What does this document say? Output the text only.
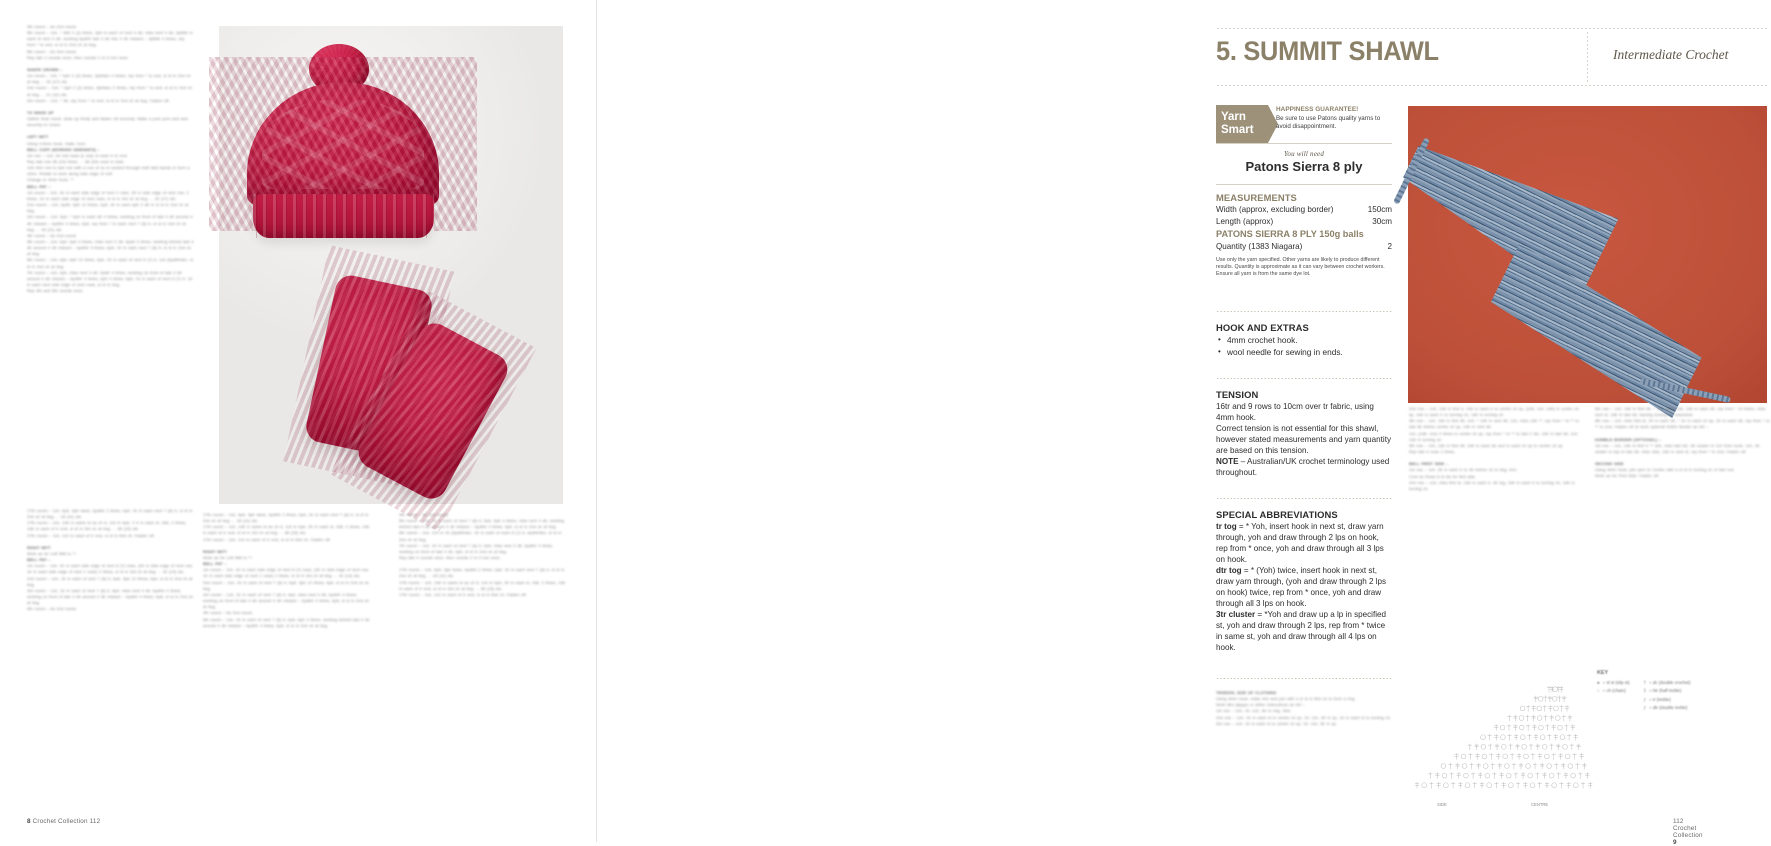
4th round – As 2nd round.
5th round – 1ch, * 3dtr 2 (2) times, 3ptr in each of next 4 dtr, miss next 4 dtr, 3ptfdtr in each of next 4 dtr, working bpdtrtr last 4 dtr into 4 dtr missed – 3ptfdtr 4 times, rep from * to end, sl st in 2nd ch at beg.
6th round – As 2nd round.
Rep last 4 rounds once, then rounds 2 to 5 incl once.
SHAPE CROWN –
1st round – 1ch, * bptr 2 (2) times, 3ptrtdec 4 times, rep from * to end, sl st in 2nd ch at beg … 32 (17) sts.
2nd round – 1ch, * bptr 2 (2) times, 3ptrtdec 2 times, rep from * to end, sl st in 2nd ch at beg … 21 (11) sts.
3rd round – 1ch, * dtr, rep from * to end, sl st in 2nd ch at beg. Fasten off.
TO MAKE UP
Gather final round, draw up firmly and fasten off securely. Make a pom pom and sew securely to crown.
LEFT MITT
Using 4.5mm hook, make 11ch.
BELL CUFF (WORKED SIDEWAYS) –
1st row – 1ch, htr into back lp only of each tr to end.
Rep last row 36 (14) times … 38 (20) rows in total.
Join first row to last row with a row of ss st worked through both Bell bands in form a cirlce. Rotate to work along side edge of cuff.
Change to 4mm hook. **
BELL PAT –
1st round – 1ch, 2tr in each side edge of next 2 rows, 2tr in side edge of next row, 2 times, 1tr in each side edge of next rows, sl st in 3rd ch at beg … 32 (17) sts.
2nd round – 1ch, bpdtr, bptr 12 times, bptr, 1tr in each sptr 3 dtr in sl st in 2nd ch at beg.
3rd round – 1ch, bptr, * bptr in each dtr 4 times, working on front of last 4 dtr around 4 dtr missed – bpdtrtr 4 times, bptr, rep from * to each next 7 (6) tr, sl st in 2nd ch at beg … 16 (11) sts.
4th round – As 2nd round.
5th round – 1ch, bptr, bptr 4 times, miss next 4 dtr, bpdtr 4 times, working behind last 4 dtr around 4 dtr missed – bpdtrtr 4 times, bptr, 1tr in each next 7 (6) tr, sl st in 2nd ch at beg.
6th round – 1ch, bptr, bptr 12 times, bptr, 1tr in each of next 6 (7) tr, 1ch (bpdtrtrdec, sl st in 2nd ch at beg.
7th round – 1ch, bptr, miss next 4 dtr, bpdtr 4 times, working on front of last 4 dtr around 4 dtr missed – bpdtrtr 4 times, bptr 4 times, bptr, 1tr in each of next 6 (7) tr, 1tr in each next side edge of next rows, sl st in beg.
Rep 4th and 5th rounds once.
17th round – 1ch, bptr, 3ptr twice, bpdtrtr 2 times, bptr, 1tr in each next 7 (6) tr, sl st in 2nd ch at beg … 18 (11) sts.
17th round – 1ch, 1dtr in same st as ch 6, 1ch in bptr, 2 tr in each st, 2dtr, 2 times, 1dtr in each of tr end, sl st in 3rd ch at beg … 38 (15) sts.
17th round – 1ch, 1ch to each of tr end, sl st in first ch. Fasten off.
RIGHT MITT
Work as for Left Mitt to **.
BELL PAT –
1st round – 1ch, 1tr in each side edge of next 8 (7) rows, (2tr in side edge of next row, 1tr in each side edge of next 1 rows) 2 times, sl st in 3rd ch at beg … 32 (14) sts.
2nd round – 1ch, 1tr in each of next 7 (6) tr, bptr, 3ptr 12 times, bptr, sl st in 2nd ch at beg.
3rd round – 1ch, 1tr in each of next 7 (6) tr, bptr, miss next 4 dtr, bpdtrtr 4 times, working on front of last 4 dtr around 4 dtr missed – bpdtrtr 4 times, bptr, sl st in 2nd ch at beg.
4th round – As 2nd round.
17th round – 1ch, bptr, 3ptr twice, bpdtrtr 2 times, bptr, 1tr in each next 7 (6) tr, sl st in 2nd ch at beg … 18 (11) sts.
17th round – 1ch, 1dtr in same st as ch 6, 1ch in bptr, 2tr in each st, 2dtr, 2 times, 1dtr in each of tr end, sl st in 3rd ch at beg … 38 (15) sts.
17th round – 1ch, 1ch to each of tr end, sl st in first ch. Fasten off.
RIGHT MITT
Work as for Left Mitt to **.
BELL PAT –
1st round – 1ch, 1tr in each side edge of next 8 (7) rows, (2tr in side edge of next row, 1tr in each side edge of next 1 rows) 2 times, sl st in 3rd ch at beg … 32 (14) sts.
2nd round – 1ch, 1tr in each of next 7 (6) tr, bptr, 3ptr 12 times, bptr, sl st in 2nd ch at beg.
3rd round – 1ch, 1tr in each of next 7 (6) tr, bptr, miss next 4 dtr, bpdtrtr 4 times, working on front of last 4 dtr around 4 dtr missed – bpdtrtr 4 times, bptr, sl st in 2nd ch at beg.
4th round – As 2nd round.
5th round – 1ch, 1tr in each of next 7 (6) tr, bptr, bptr 4 times, working behind last 4 dtr around 4 dtr missed – bpdtrtr 4 times, bptr, sl st in 2nd ch at beg.
4th round – As 2nd round.
5th round – 1ch, 1tr in each of next 7 (6) tr, bptr, bptr 4 times, miss next 4 dtr, working behind last 4 dtr around 4 dtr missed – bpdtrtr 4 times, bptr, sl st in 2nd ch at beg.
6th round – 1ch, 1ch in 1tr (bpdtrtrdec, 1tr in each of each 8 (7) tr, bpdtrtrdec, sl st in 2nd ch at beg.
7th round – 1ch, 1tr in each of next 7 (6) tr, bptr, miss next 4 dtr, bpdtrtr 4 times, working on front of last 4 dtr, bptr, sl st in 2nd ch at beg.
Rep last 4 rounds once, then rounds 2 to 5 incl once.
17th round – 1ch, bptr, 3ptr twice, bpdtrtr 2 times, bptr, 1tr in each next 7 (6) tr, sl st in 2nd ch at beg … 18 (11) sts.
17th round – 1ch, 1dtr in same st as ch 6, 1ch in bptr, 2tr in each st, 2dtr, 2 times, 1dtr in each of tr end, sl st in 3rd ch at beg … 38 (15) sts.
17th round – 1ch, 1ch to each of tr end, sl st in first ch. Fasten off.
8 Crochet Collection 112
5. SUMMIT SHAWL	Intermediate Crochet
Yarn
Smart
HAPPINESS GUARANTEE!
Be sure to use Patons quality yarns to avoid disappointment.
You will need
Patons Sierra 8 ply
MEASUREMENTS
Width (approx, excluding border)	150cm
Length (approx)	30cm
PATONS SIERRA 8 PLY 150g balls
Quantity (1383 Niagara)	2
Use only the yarn specified. Other yarns are likely to produce different results. Quantity is approximate as it can vary between crochet workers. Ensure all yarn is from the same dye lot.
HOOK AND EXTRAS
• 4mm crochet hook.
• wool needle for sewing in ends.
TENSION

16tr and 9 rows to 10cm over tr fabric, using 4mm hook.

Correct tension is not essential for this shawl, however stated measurements and yarn quantity are based on this tension.

NOTE – Australian/UK crochet terminology used throughout.

SPECIAL ABBREVIATIONS

tr tog = * Yoh, insert hook in next st, draw yarn through, yoh and draw through 2 lps on hook, rep from * once, yoh and draw through all 3 lps on hook.

dtr tog = * (Yoh) twice, insert hook in next st, draw yarn through, (yoh and draw through 2 lps on hook) twice, rep from * once, yoh and draw through all 3 lps on hook.

3tr cluster = *Yoh and draw up a lp in specified st, yoh and draw through 2 lps, rep from * twice in same st, yoh and draw through all 4 lps on hook.

TENSION, SIZE OF CLOTHING
Using 4mm hook, make 4ch and join with a sl st in first ch to form a ring.
Work 6trs (8ppps or either instructions as foll –
1st row – 1ch, 1tr, 1ch, 4tr in ring, 3sts.
2nd row – 1ch, 1tr in each st to centre ch sp, 1tr, 1ch, 3tr in sp, 1tr in each st to turning ch.
3rd row – 1ch, 1tr in each st to centre ch sp, 1tr, 1ch, 3tr in sp.
2nd row – 1ch, 1dtr in first tr, 1dtr in each tr to centre ch sp, (1dtr, 1ch, 1dtr) in centre ch sp, 1dtr in each tr to turning ch, 1dtr in turning ch.
4th row – 1ch, 1dtr in first dtr, 1ch, * 1dtr in next dtr, 1ch, miss 1dtr **, rep from * to ** to last dtr before centre ch sp, 1dtr in next dtr.
1ch, (1dtr, 1ch) 4 times in centre ch sp, rep from * to ** to last 2 sts, 1dtr in last dtr, 1ch, 1dtr in turning ch.
5th row – 1ch, 1dtr in first dtr, 1dtr in each dtr and in each ch sp to centre ch sp.
Rep last 4 rows 2 times.
BELL FIRST SIDE –
1st row – 1ch, 3tr in each tr to 3tr before ch in beg, turn.
Cont as Rows 6–8 sts for first side.
2nd row – 1ch, miss first st, 1dtr in each tr, dtr tog, 1dtr in each tr to turning ch, 1dtr in turning ch.
6th row – 1ch, 1dtr in first dtr, * 1ch, miss 1dtr, 1dtr in each dtr, rep from * 10 times, miss next st, 1dtr in last dtr, leaving turning ch unworked.
8th row – 1ch, miss first st, 1tr in each dtr, * 1tr in each ch sp, 1tr in each dtr, rep from * to ** to end, Fasten off at work optional 9rdtrtr Border as foll –
HUMBLE BORDER (OPTIONAL) –
1st row – 1ch, 1dtr in first tr ** 3ch, miss last sts, 3tr cluster in 1ch from hook, 1ch, 3tr cluster in top of last dtr, miss 2sts, 1dtr in next st, rep from * to end, Fasten off.
SECOND SIDE
Using 4mm hook, join yarn to Centre with a sl st in turning ch of last row.
Work as for First Side. Fasten off.
SIDE	CENTRE
KEY
● = sl st (slip st)
○ = ch (chain)
† = dc (double crochet)
‡ = htr (half treble)
ƒ = tr (treble)
ƒ = dtr (double treble)
112 Crochet Collection 9
